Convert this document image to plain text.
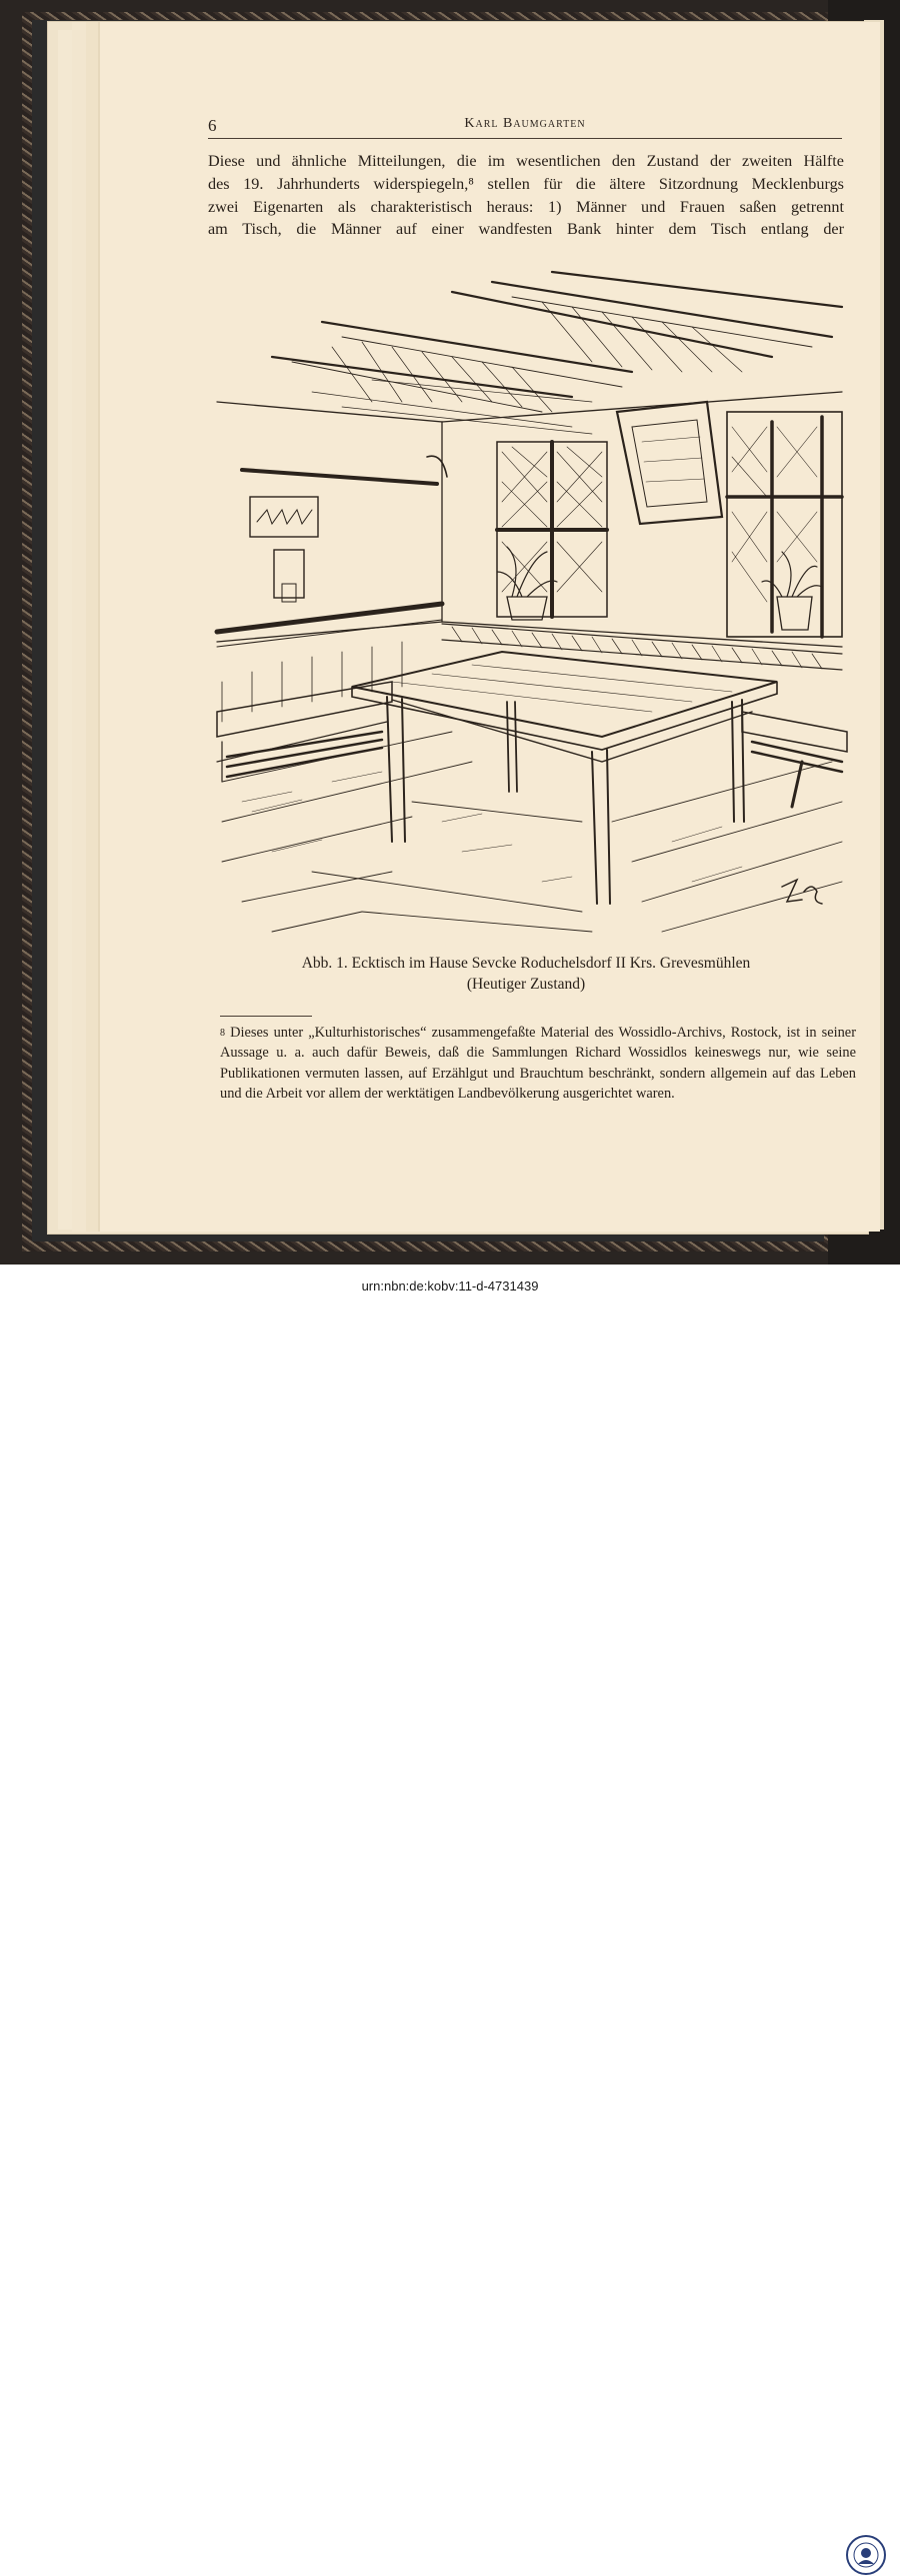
6	Karl Baumgarten

Diese und ähnliche Mitteilungen, die im wesentlichen den Zustand der zweiten Hälfte

des 19. Jahrhunderts widerspiegeln,⁸ stellen für die ältere Sitzordnung Mecklenburgs

zwei Eigenarten als charakteristisch heraus: 1) Männer und Frauen saßen getrennt

am Tisch, die Männer auf einer wandfesten Bank hinter dem Tisch entlang der

Abb. 1. Ecktisch im Hause Sevcke Roduchelsdorf II Krs. Grevesmühlen
(Heutiger Zustand)
$^8$ Dieses unter „Kulturhistorisches“ zusammengefaßte Material des Wossidlo-Archivs, Rostock, ist in seiner Aussage u. a. auch dafür Beweis, daß die Sammlungen Richard Wossidlos keineswegs nur, wie seine Publikationen vermuten lassen, auf Erzählgut und Brauchtum beschränkt, sondern allgemein auf das Leben und die Arbeit vor allem der werktätigen Landbevölkerung ausgerichtet waren.
urn:nbn:de:kobv:11-d-4731439
